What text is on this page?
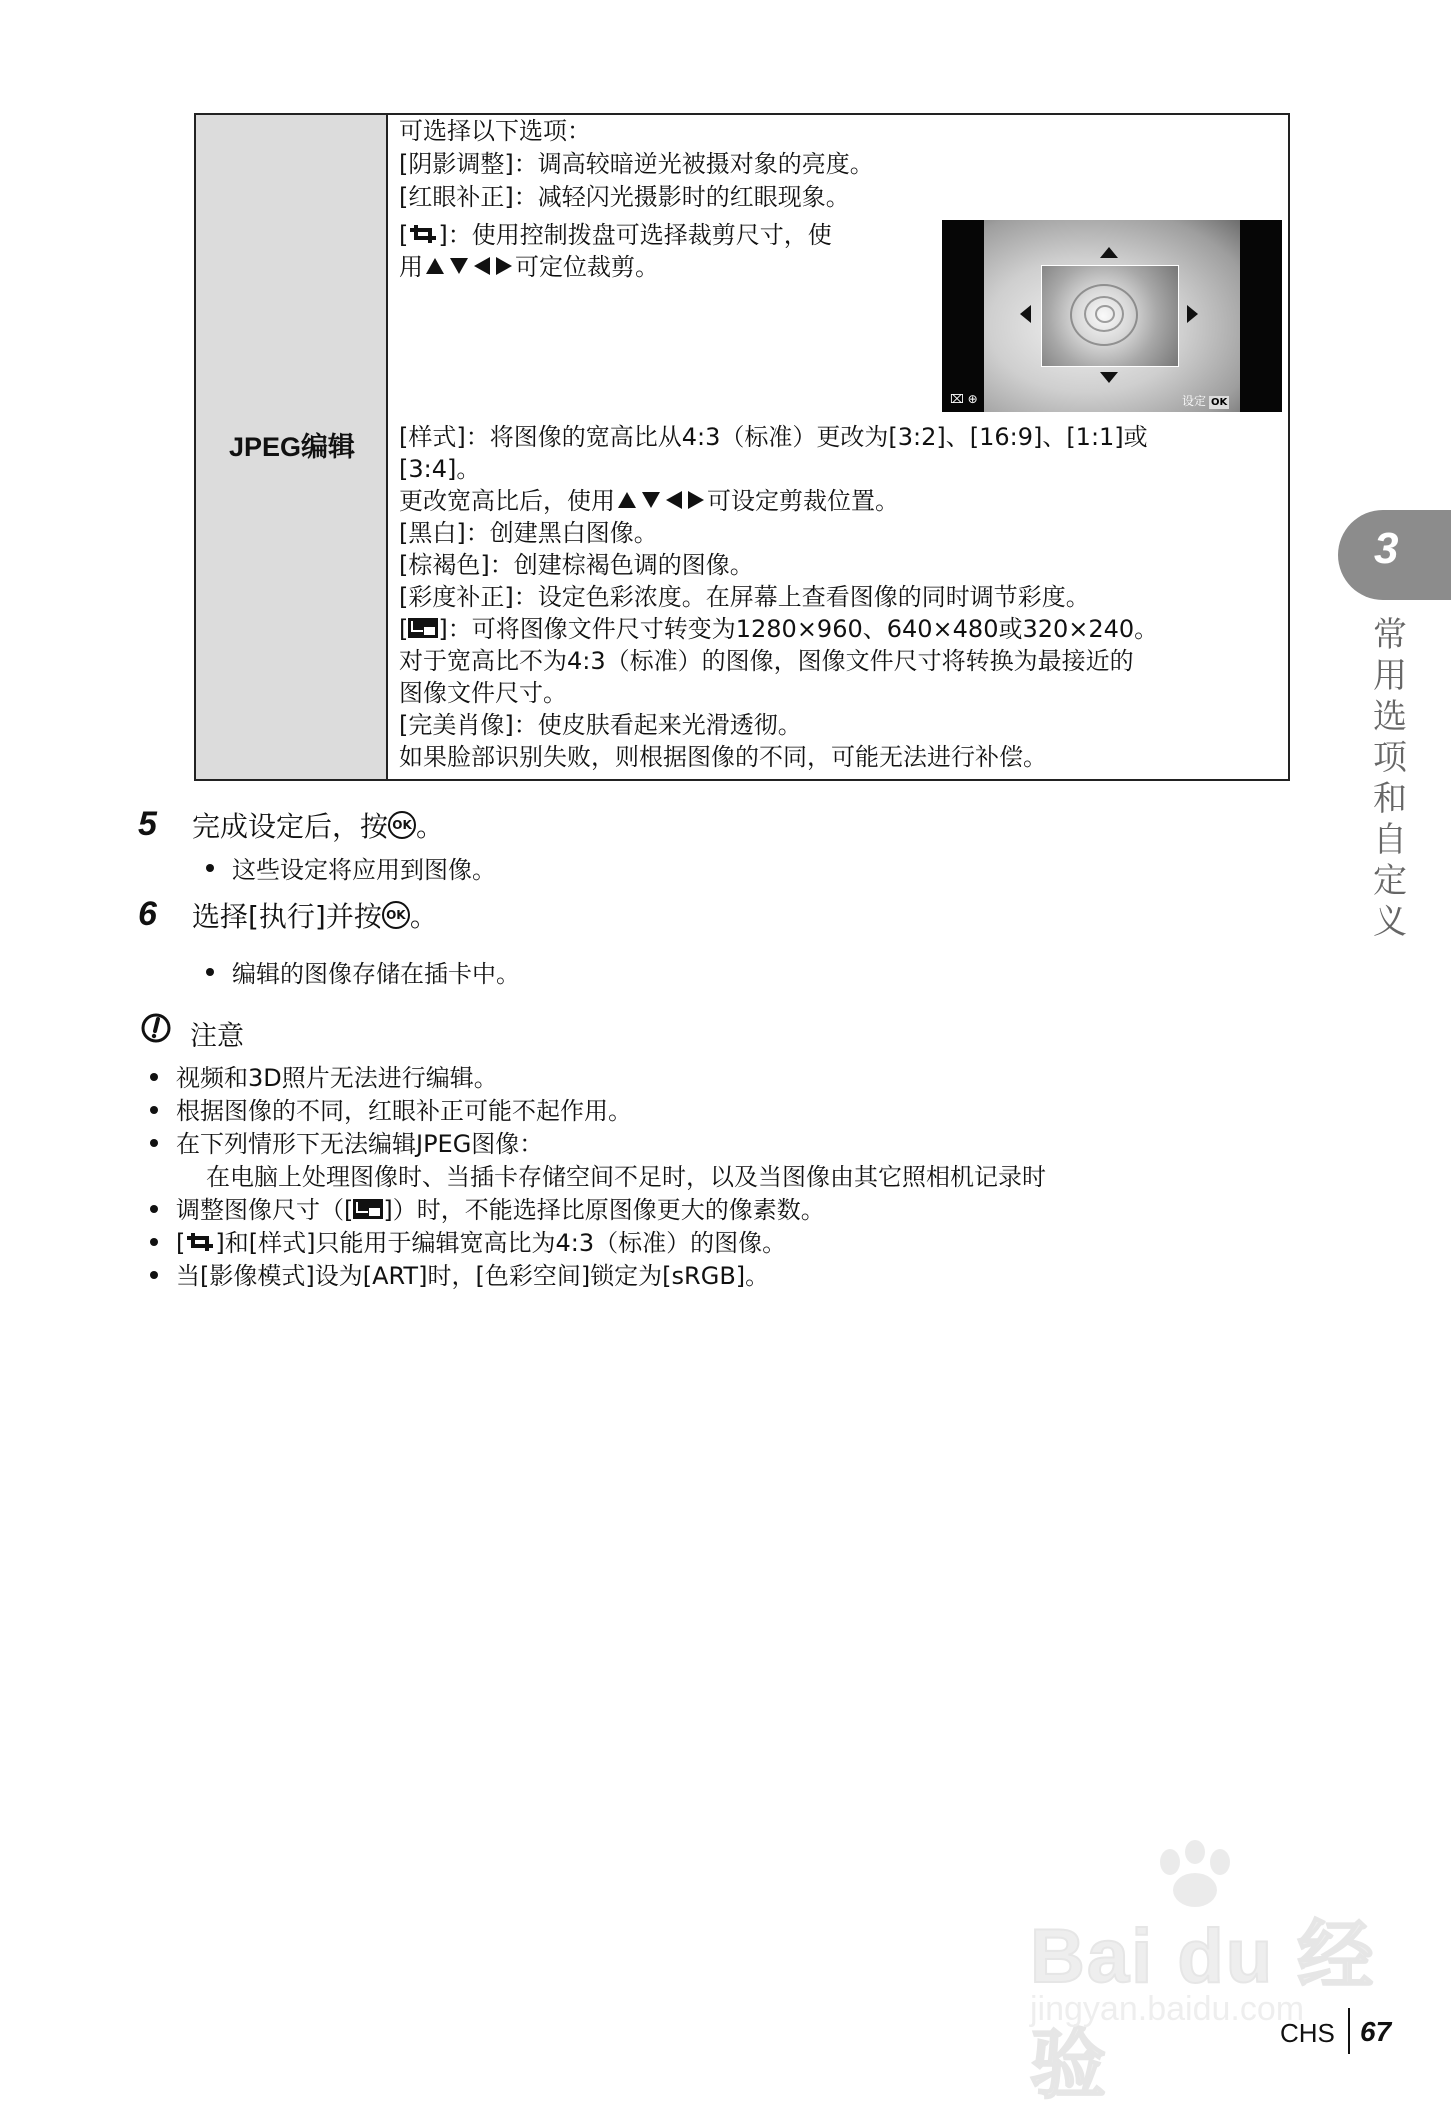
JPEG编辑
可选择以下选项：
[阴影调整]：调高较暗逆光被摄对象的亮度。
[红眼补正]：减轻闪光摄影时的红眼现象。
[ ]：使用控制拨盘可选择裁剪尺寸，使
用	可定位裁剪。
⌧ ⊕	设定 OK
[样式]：将图像的宽高比从4:3（标准）更改为[3:2]、[16:9]、[1:1]或
[3:4]。
更改宽高比后，使用	可设定剪裁位置。
[黑白]：创建黑白图像。
[棕褐色]：创建棕褐色调的图像。
[彩度补正]：设定色彩浓度。在屏幕上查看图像的同时调节彩度。
[ ]：可将图像文件尺寸转变为1280×960、640×480或320×240。
对于宽高比不为4:3（标准）的图像，图像文件尺寸将转换为最接近的
图像文件尺寸。
[完美肖像]：使皮肤看起来光滑透彻。
如果脸部识别失败，则根据图像的不同，可能无法进行补偿。
5 完成设定后，按 OK 。
这些设定将应用到图像。
6 选择[执行]并按 OK 。
编辑的图像存储在插卡中。
注意
视频和3D照片无法进行编辑。
根据图像的不同，红眼补正可能不起作用。
在下列情形下无法编辑JPEG图像：
在电脑上处理图像时、当插卡存储空间不足时，以及当图像由其它照相机记录时
调整图像尺寸（[ ]）时，不能选择比原图像更大的像素数。
[ ]和[样式]只能用于编辑宽高比为4:3（标准）的图像。
当[影像模式]设为[ART]时，[色彩空间]锁定为[sRGB]。
3
常用选项和自定义
Bai du 经验
jingyan.baidu.com
CHS 67
